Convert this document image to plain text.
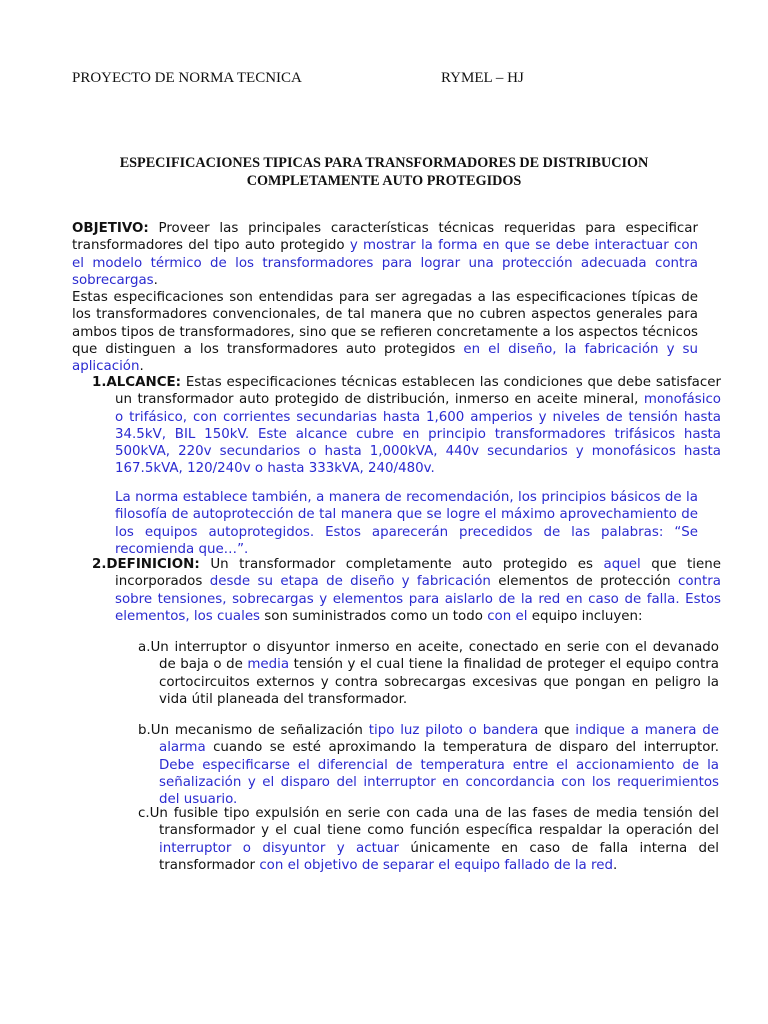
PROYECTO DE NORMA TECNICA	RYMEL – HJ
ESPECIFICACIONES TIPICAS PARA TRANSFORMADORES DE DISTRIBUCION
COMPLETAMENTE AUTO PROTEGIDOS
OBJETIVO: Proveer las principales características técnicas requeridas para especificar transformadores del tipo auto protegido y mostrar la forma en que se debe interactuar con el modelo térmico de los transformadores para lograr una protección adecuada contra sobrecargas.
Estas especificaciones son entendidas para ser agregadas a las especificaciones típicas de los transformadores convencionales, de tal manera que no cubren aspectos generales para ambos tipos de transformadores, sino que se refieren concretamente a los aspectos técnicos que distinguen a los transformadores auto protegidos en el diseño, la fabricación y su aplicación.
1.ALCANCE: Estas especificaciones técnicas establecen las condiciones que debe satisfacer un transformador auto protegido de distribución, inmerso en aceite mineral, monofásico o trifásico, con corrientes secundarias hasta 1,600 amperios y niveles de tensión hasta 34.5kV, BIL 150kV. Este alcance cubre en principio transformadores trifásicos hasta 500kVA, 220v secundarios o hasta 1,000kVA, 440v secundarios y monofásicos hasta 167.5kVA, 120/240v o hasta 333kVA, 240/480v.
La norma establece también, a manera de recomendación, los principios básicos de la filosofía de autoprotección de tal manera que se logre el máximo aprovechamiento de los equipos autoprotegidos. Estos aparecerán precedidos de las palabras: “Se recomienda que…”.
2.DEFINICION: Un transformador completamente auto protegido es aquel que tiene incorporados desde su etapa de diseño y fabricación elementos de protección contra sobre tensiones, sobrecargas y elementos para aislarlo de la red en caso de falla. Estos elementos, los cuales son suministrados como un todo con el equipo incluyen:
a.Un interruptor o disyuntor inmerso en aceite, conectado en serie con el devanado de baja o de media tensión y el cual tiene la finalidad de proteger el equipo contra cortocircuitos externos y contra sobrecargas excesivas que pongan en peligro la vida útil planeada del transformador.
b.Un mecanismo de señalización tipo luz piloto o bandera que indique a manera de alarma cuando se esté aproximando la temperatura de disparo del interruptor. Debe especificarse el diferencial de temperatura entre el accionamiento de la señalización y el disparo del interruptor en concordancia con los requerimientos del usuario.
c.Un fusible tipo expulsión en serie con cada una de las fases de media tensión del transformador y el cual tiene como función específica respaldar la operación del interruptor o disyuntor y actuar únicamente en caso de falla interna del transformador con el objetivo de separar el equipo fallado de la red.
